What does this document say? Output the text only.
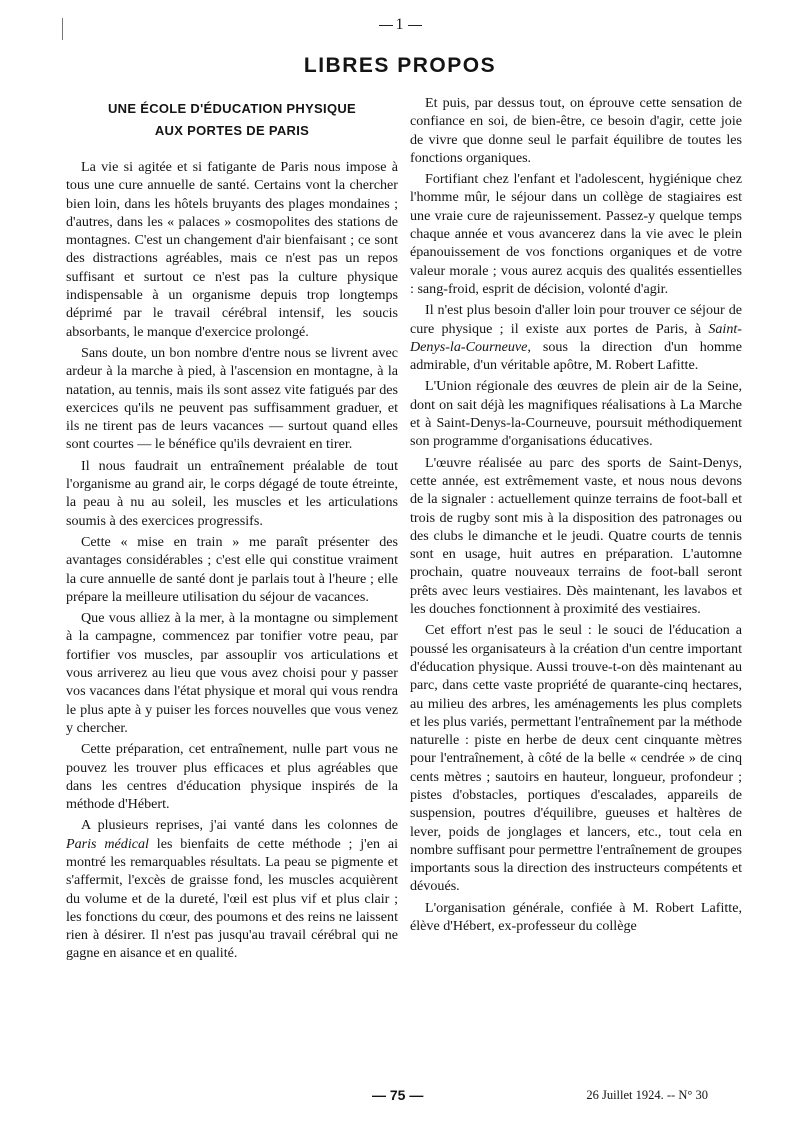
1
LIBRES PROPOS
UNE ÉCOLE D'ÉDUCATION PHYSIQUE
AUX PORTES DE PARIS

La vie si agitée et si fatigante de Paris nous impose à tous une cure annuelle de santé. Certains vont la chercher bien loin, dans les hôtels bruyants des plages mondaines ; d'autres, dans les « palaces » cosmopolites des stations de montagnes. C'est un changement d'air bienfaisant ; ce sont des distractions agréables, mais ce n'est pas un repos suffisant et surtout ce n'est pas la culture physique indispensable à un organisme depuis trop longtemps déprimé par le travail cérébral intensif, les soucis absorbants, le manque d'exercice prolongé.

Sans doute, un bon nombre d'entre nous se livrent avec ardeur à la marche à pied, à l'ascension en montagne, à la natation, au tennis, mais ils sont assez vite fatigués par des exercices qu'ils ne peuvent pas suffisamment graduer, et ils ne tirent pas de leurs vacances — surtout quand elles sont courtes — le bénéfice qu'ils devraient en tirer.

Il nous faudrait un entraînement préalable de tout l'organisme au grand air, le corps dégagé de toute étreinte, la peau à nu au soleil, les muscles et les articulations soumis à des exercices progressifs.

Cette « mise en train » me paraît présenter des avantages considérables ; c'est elle qui constitue vraiment la cure annuelle de santé dont je parlais tout à l'heure ; elle prépare la meilleure utilisation du séjour de vacances.

Que vous alliez à la mer, à la montagne ou simplement à la campagne, commencez par tonifier votre peau, par fortifier vos muscles, par assouplir vos articulations et vous arriverez au lieu que vous avez choisi pour y passer vos vacances dans l'état physique et moral qui vous rendra le plus apte à y puiser les forces nouvelles que vous venez y chercher.

Cette préparation, cet entraînement, nulle part vous ne pouvez les trouver plus efficaces et plus agréables que dans les centres d'éducation physique inspirés de la méthode d'Hébert.

A plusieurs reprises, j'ai vanté dans les colonnes de Paris médical les bienfaits de cette méthode ; j'en ai montré les remarquables résultats. La peau se pigmente et s'affermit, l'excès de graisse fond, les muscles acquièrent du volume et de la dureté, l'œil est plus vif et plus clair ; les fonctions du cœur, des poumons et des reins ne laissent rien à désirer. Il n'est pas jusqu'au travail cérébral qui ne gagne en aisance et en qualité.

Et puis, par dessus tout, on éprouve cette sensation de confiance en soi, de bien-être, ce besoin d'agir, cette joie de vivre que donne seul le parfait équilibre de toutes les fonctions organiques.

Fortifiant chez l'enfant et l'adolescent, hygiénique chez l'homme mûr, le séjour dans un collège de stagiaires est une vraie cure de rajeunissement. Passez-y quelque temps chaque année et vous avancerez dans la vie avec le plein épanouissement de vos fonctions organiques et de votre valeur morale ; vous aurez acquis des qualités essentielles : sang-froid, esprit de décision, volonté d'agir.

Il n'est plus besoin d'aller loin pour trouver ce séjour de cure physique ; il existe aux portes de Paris, à Saint-Denys-la-Courneuve, sous la direction d'un homme admirable, d'un véritable apôtre, M. Robert Lafitte.

L'Union régionale des œuvres de plein air de la Seine, dont on sait déjà les magnifiques réalisations à La Marche et à Saint-Denys-la-Courneuve, poursuit méthodiquement son programme d'organisations éducatives.

L'œuvre réalisée au parc des sports de Saint-Denys, cette année, est extrêmement vaste, et nous nous devons de la signaler : actuellement quinze terrains de foot-ball et trois de rugby sont mis à la disposition des patronages ou des clubs le dimanche et le jeudi. Quatre courts de tennis sont en usage, huit autres en préparation. L'automne prochain, quatre nouveaux terrains de foot-ball seront prêts avec leurs vestiaires. Dès maintenant, les lavabos et les douches fonctionnent à proximité des vestiaires.

Cet effort n'est pas le seul : le souci de l'éducation a poussé les organisateurs à la création d'un centre important d'éducation physique. Aussi trouve-t-on dès maintenant au parc, dans cette vaste propriété de quarante-cinq hectares, au milieu des arbres, les aménagements les plus complets et les plus variés, permettant l'entraînement par la méthode naturelle : piste en herbe de deux cent cinquante mètres pour l'entraînement, à côté de la belle « cendrée » de cinq cents mètres ; sautoirs en hauteur, longueur, profondeur ; pistes d'obstacles, portiques d'escalades, appareils de suspension, poutres d'équilibre, gueuses et haltères de lever, poids de jonglages et lancers, etc., tout cela en nombre suffisant pour permettre l'entraînement de groupes importants sous la direction des instructeurs compétents et dévoués.

L'organisation générale, confiée à M. Robert Lafitte, élève d'Hébert, ex-professeur du collège

— 75 —	26 Juillet 1924. -- N° 30
